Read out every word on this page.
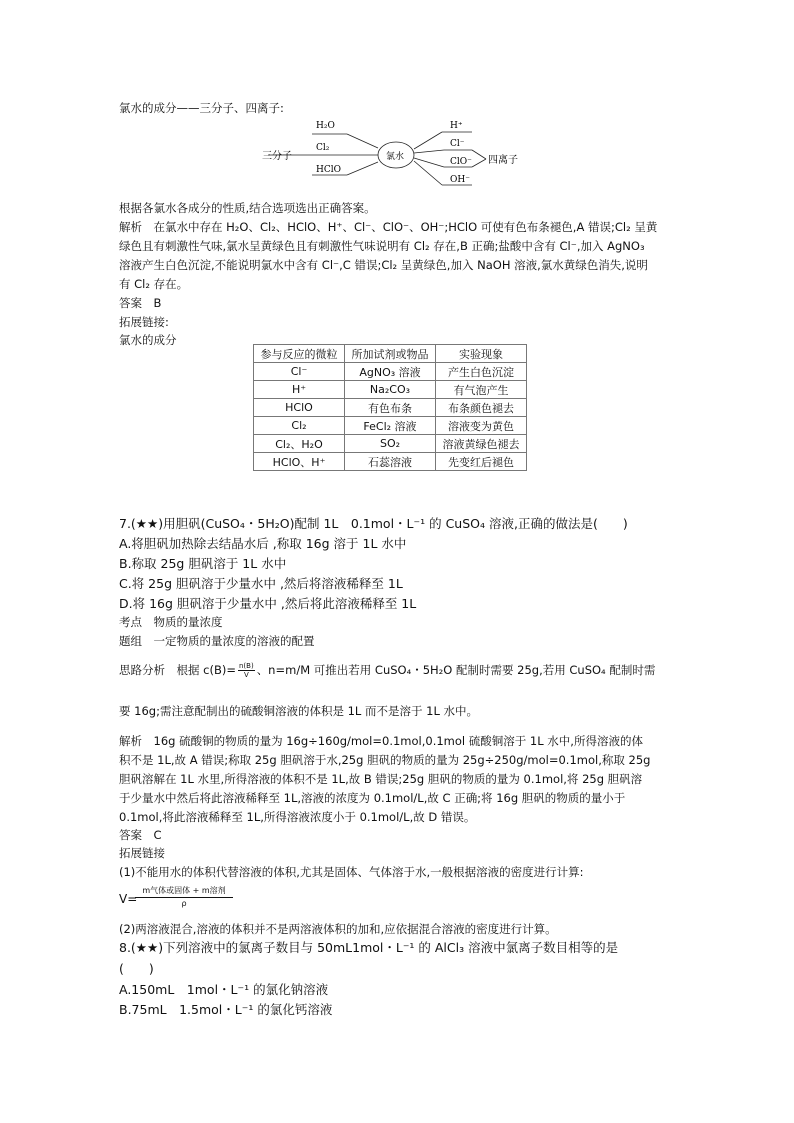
氯水的成分——三分子、四离子:
三分子
H₂O
Cl₂
HClO
氯水
H⁺
Cl⁻
ClO⁻
OH⁻
四离子
根据各氯水各成分的性质,结合选项选出正确答案。
解析　在氯水中存在 H₂O、Cl₂、HClO、H⁺、Cl⁻、ClO⁻、OH⁻;HClO 可使有色布条褪色,A 错误;Cl₂ 呈黄
绿色且有刺激性气味,氯水呈黄绿色且有刺激性气味说明有 Cl₂ 存在,B 正确;盐酸中含有 Cl⁻,加入 AgNO₃
溶液产生白色沉淀,不能说明氯水中含有 Cl⁻,C 错误;Cl₂ 呈黄绿色,加入 NaOH 溶液,氯水黄绿色消失,说明
有 Cl₂ 存在。
答案　B
拓展链接:
氯水的成分
参与反应的微粒	所加试剂或物品	实验现象
Cl⁻	AgNO₃ 溶液	产生白色沉淀
H⁺	Na₂CO₃	有气泡产生
HClO	有色布条	布条颜色褪去
Cl₂	FeCl₂ 溶液	溶液变为黄色
Cl₂、H₂O	SO₂	溶液黄绿色褪去
HClO、H⁺	石蕊溶液	先变红后褪色
7.(★★)用胆矾(CuSO₄・5H₂O)配制 1L　0.1mol・L⁻¹ 的 CuSO₄ 溶液,正确的做法是(　　)
A.将胆矾加热除去结晶水后 ,称取 16g 溶于 1L 水中
B.称取 25g 胆矾溶于 1L 水中
C.将 25g 胆矾溶于少量水中 ,然后将溶液稀释至 1L
D.将 16g 胆矾溶于少量水中 ,然后将此溶液稀释至 1L
考点　物质的量浓度
题组　一定物质的量浓度的溶液的配置
思路分析　根据 $c(B)= \frac{n(B)}{V}$ 、n=m/M 可推出若用 CuSO₄・5H₂O 配制时需要 25g,若用 CuSO₄ 配制时需
要 16g;需注意配制出的硫酸铜溶液的体积是 1L 而不是溶于 1L 水中。
解析　16g 硫酸铜的物质的量为 16g÷160g/mol=0.1mol,0.1mol 硫酸铜溶于 1L 水中,所得溶液的体
积不是 1L,故 A 错误;称取 25g 胆矾溶于水,25g 胆矾的物质的量为 25g÷250g/mol=0.1mol,称取 25g
胆矾溶解在 1L 水里,所得溶液的体积不是 1L,故 B 错误;25g 胆矾的物质的量为 0.1mol,将 25g 胆矾溶
于少量水中然后将此溶液稀释至 1L,溶液的浓度为 0.1mol/L,故 C 正确;将 16g 胆矾的物质的量小于
0.1mol,将此溶液稀释至 1L,所得溶液浓度小于 0.1mol/L,故 D 错误。
答案　C
拓展链接
(1)不能用水的体积代替溶液的体积,尤其是固体、气体溶于水,一般根据溶液的密度进行计算:
V=
m气体或固体 + m溶剂
ρ
(2)两溶液混合,溶液的体积并不是两溶液体积的加和,应依据混合溶液的密度进行计算。
8.(★★)下列溶液中的氯离子数目与 50mL1mol・L⁻¹ 的 AlCl₃ 溶液中氯离子数目相等的是
(　　)
A.150mL　1mol・L⁻¹ 的氯化钠溶液
B.75mL　1.5mol・L⁻¹ 的氯化钙溶液
